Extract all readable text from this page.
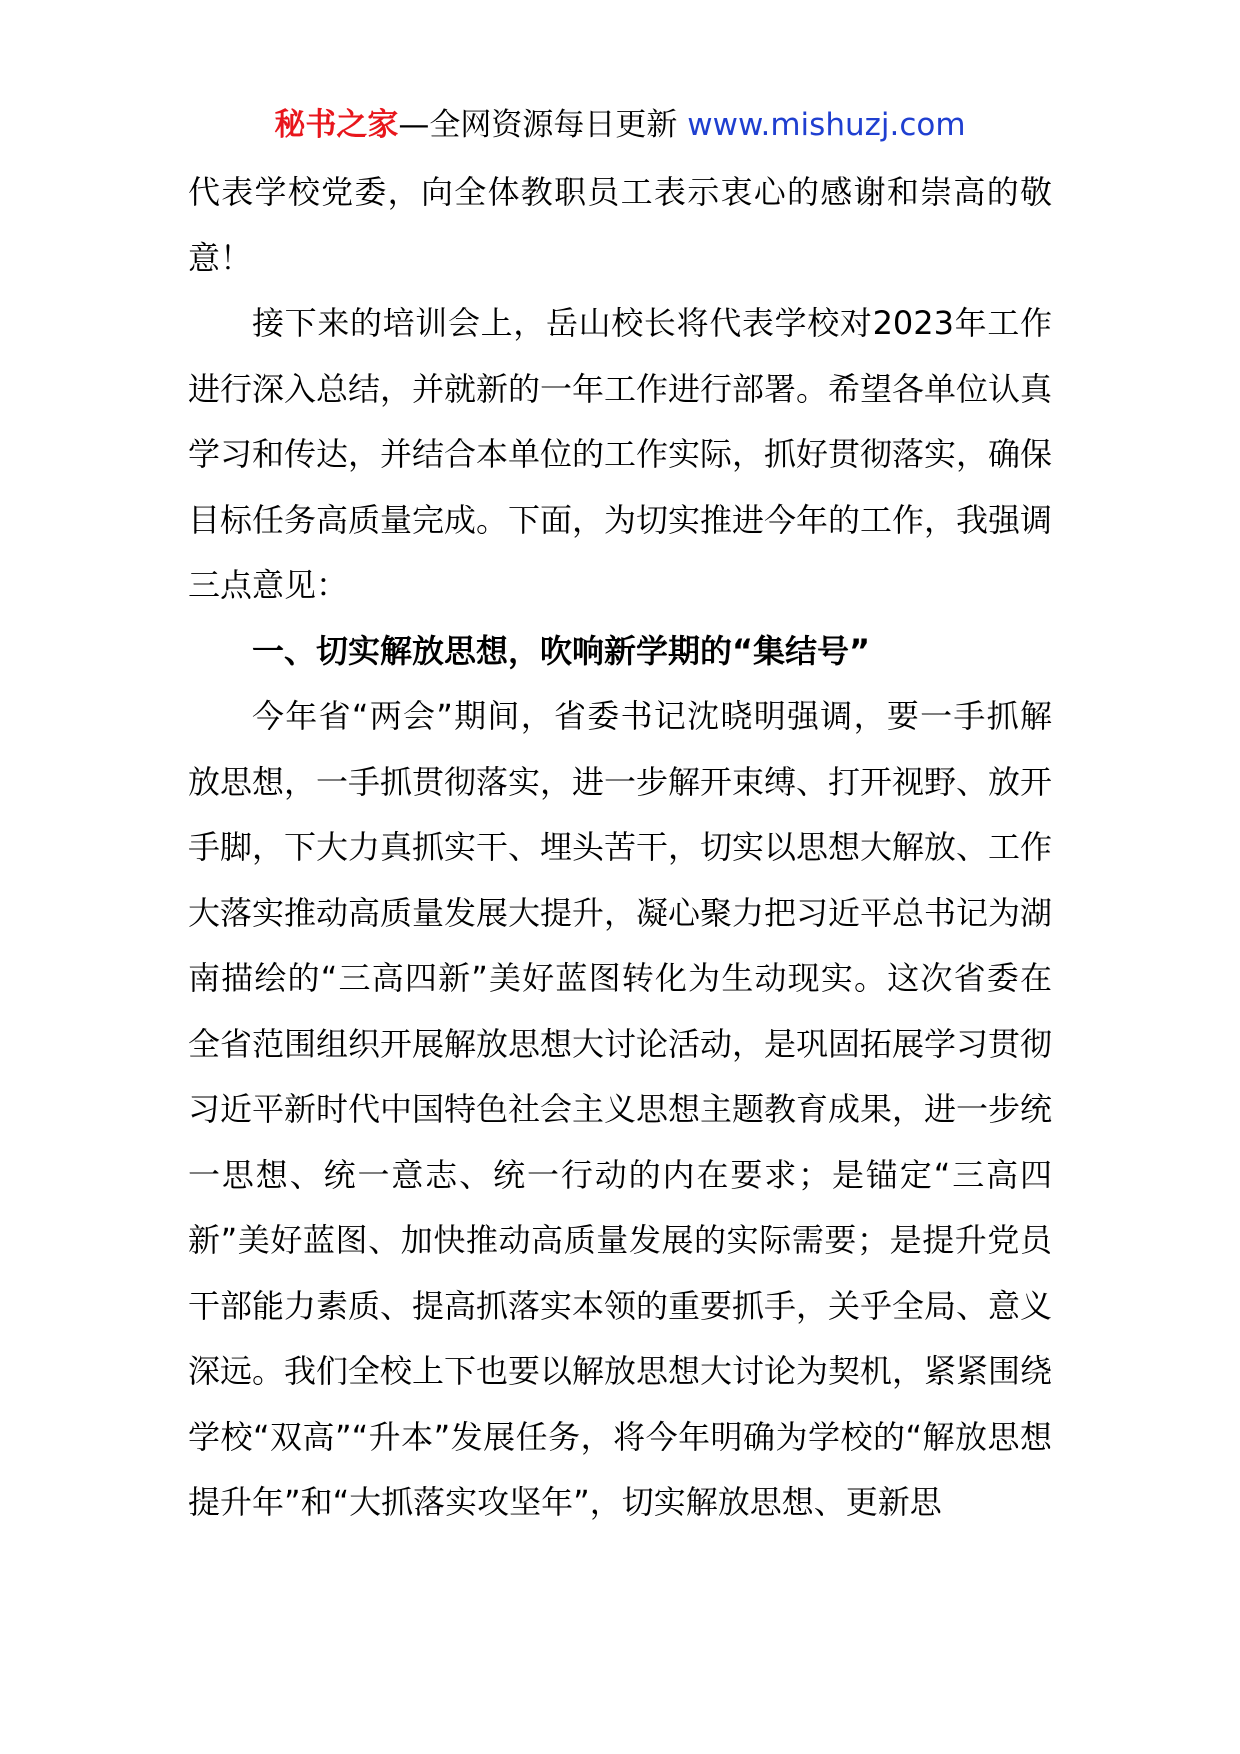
秘书之家—全网资源每日更新 www.mishuzj.com

代表学校党委，向全体教职员工表示衷心的感谢和崇高的敬意！

接下来的培训会上，岳山校长将代表学校对2023年工作进行深入总结，并就新的一年工作进行部署。希望各单位认真学习和传达，并结合本单位的工作实际，抓好贯彻落实，确保目标任务高质量完成。下面，为切实推进今年的工作，我强调三点意见：

一、切实解放思想，吹响新学期的“集结号”

今年省“两会”期间，省委书记沈晓明强调，要一手抓解放思想，一手抓贯彻落实，进一步解开束缚、打开视野、放开手脚，下大力真抓实干、埋头苦干，切实以思想大解放、工作大落实推动高质量发展大提升，凝心聚力把习近平总书记为湖南描绘的“三高四新”美好蓝图转化为生动现实。这次省委在全省范围组织开展解放思想大讨论活动，是巩固拓展学习贯彻习近平新时代中国特色社会主义思想主题教育成果，进一步统一思想、统一意志、统一行动的内在要求；是锚定“三高四新”美好蓝图、加快推动高质量发展的实际需要；是提升党员干部能力素质、提高抓落实本领的重要抓手，关乎全局、意义深远。我们全校上下也要以解放思想大讨论为契机，紧紧围绕学校“双高”“升本”发展任务，将今年明确为学校的“解放思想提升年”和“大抓落实攻坚年”，切实解放思想、更新思
